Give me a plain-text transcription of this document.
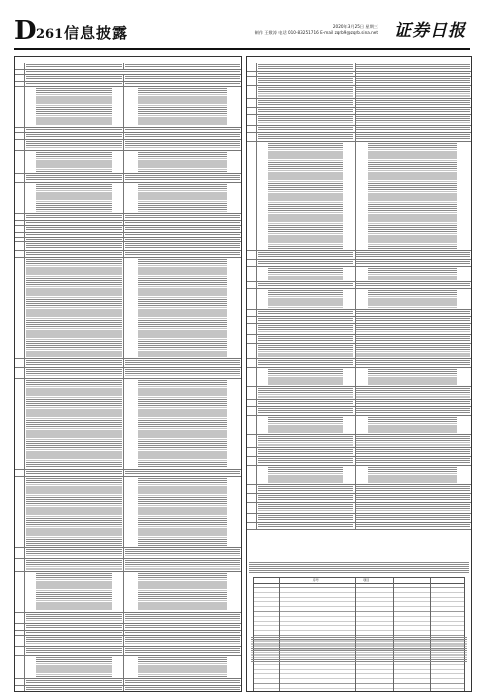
D 261 信息披露	2020年3月25日 星期三
制作 王敬涛 电话 010-83251716 E-mail zqrb9@zqrb.sina.net 证券日报
序号	项目
